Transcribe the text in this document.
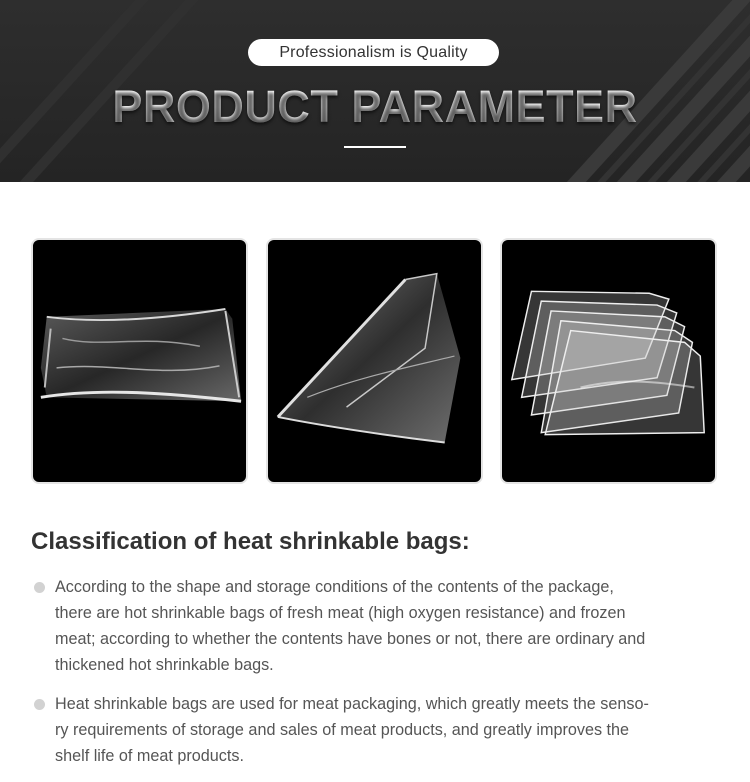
Professionalism is Quality
PRODUCT PARAMETER
Classification of heat shrinkable bags:
According to the shape and storage conditions of the contents of the package,
there are hot shrinkable bags of fresh meat (high oxygen resistance) and frozen
meat; according to whether the contents have bones or not, there are ordinary and
thickened hot shrinkable bags.
Heat shrinkable bags are used for meat packaging, which greatly meets the senso-
ry requirements of storage and sales of meat products, and greatly improves the
shelf life of meat products.
